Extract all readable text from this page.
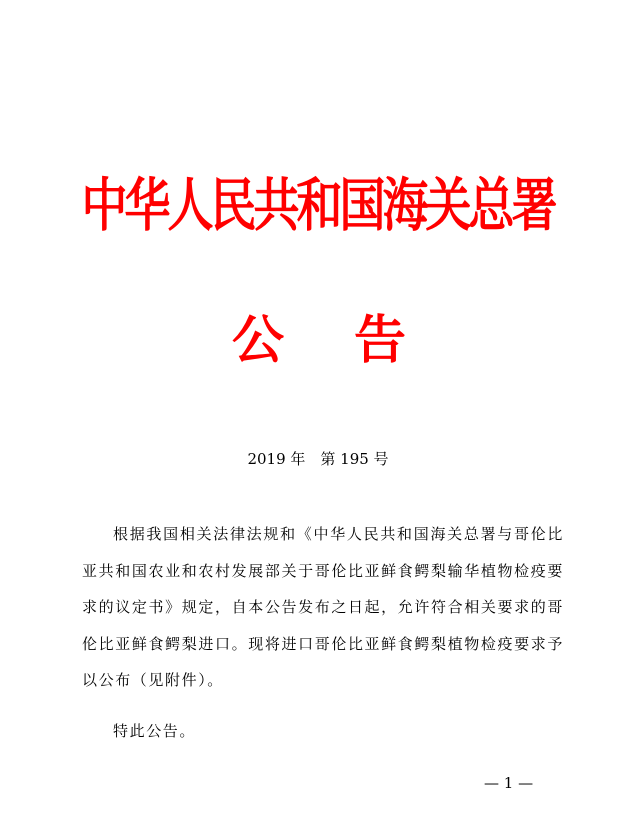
中华人民共和国海关总署
公 告
2019 年　第 195 号

根据我国相关法律法规和《中华人民共和国海关总署与哥伦比亚共和国农业和农村发展部关于哥伦比亚鲜食鳄梨输华植物检疫要求的议定书》规定，自本公告发布之日起，允许符合相关要求的哥伦比亚鲜食鳄梨进口。现将进口哥伦比亚鲜食鳄梨植物检疫要求予以公布（见附件）。

特此公告。
— 1 —
